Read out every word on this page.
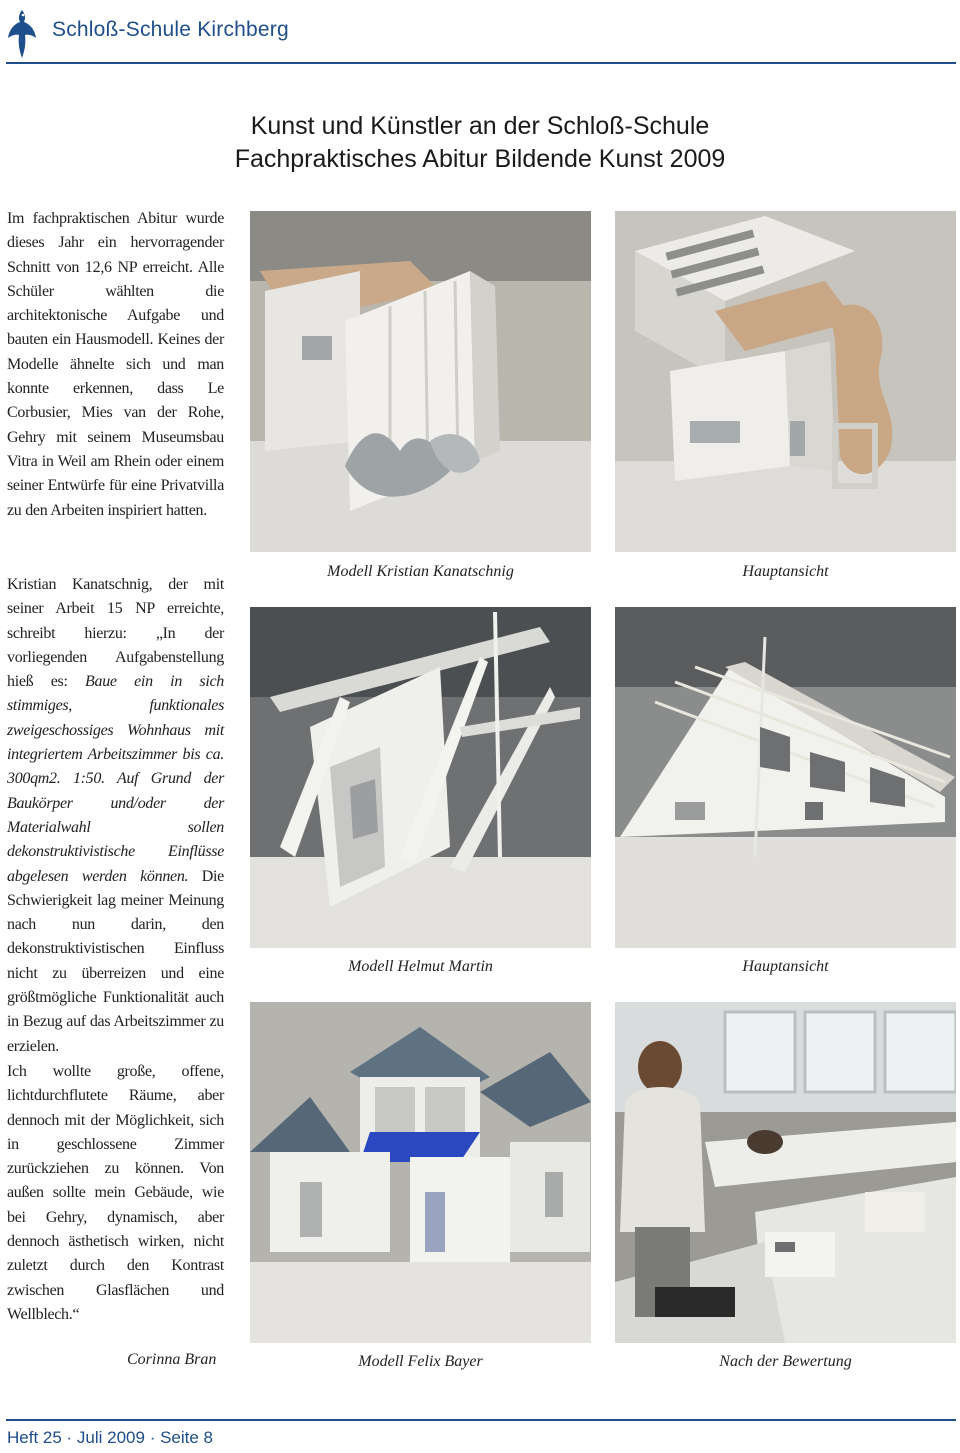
Schloß-Schule Kirchberg
Kunst und Künstler an der Schloß-Schule
Fachpraktisches Abitur Bildende Kunst 2009

Im fachpraktischen Abitur wurde dieses Jahr ein hervorragender Schnitt von 12,6 NP erreicht. Alle Schüler wählten die architektonische Aufgabe und bauten ein Hausmodell. Keines der Modelle ähnelte sich und man konnte erkennen, dass Le Corbusier, Mies van der Rohe, Gehry mit seinem Museumsbau Vitra in Weil am Rhein oder einem seiner Entwürfe für eine Privatvilla zu den Arbeiten inspiriert hatten.

Kristian Kanatschnig, der mit seiner Arbeit 15 NP erreichte, schreibt hierzu: „In der vorliegenden Aufgabenstellung hieß es: Baue ein in sich stimmiges, funktionales zweigeschossiges Wohnhaus mit integriertem Arbeitszimmer bis ca. 300qm2. 1:50. Auf Grund der Baukörper und/oder der Materialwahl sollen dekonstruktivistische Einflüsse abgelesen werden können. Die Schwierigkeit lag meiner Meinung nach nun darin, den dekonstruktivistischen Einfluss nicht zu überreizen und eine größtmögliche Funktionalität auch in Bezug auf das Arbeitszimmer zu erzielen.

Ich wollte große, offene, lichtdurchflutete Räume, aber dennoch mit der Möglichkeit, sich in geschlossene Zimmer zurückziehen zu können. Von außen sollte mein Gebäude, wie bei Gehry, dynamisch, aber dennoch ästhetisch wirken, nicht zuletzt durch den Kontrast zwischen Glasflächen und Wellblech.“

Corinna Bran
Modell Kristian Kanatschnig	Hauptansicht
Modell Helmut Martin	Hauptansicht
Modell Felix Bayer	Nach der Bewertung
Heft 25 · Juli 2009 · Seite 8
